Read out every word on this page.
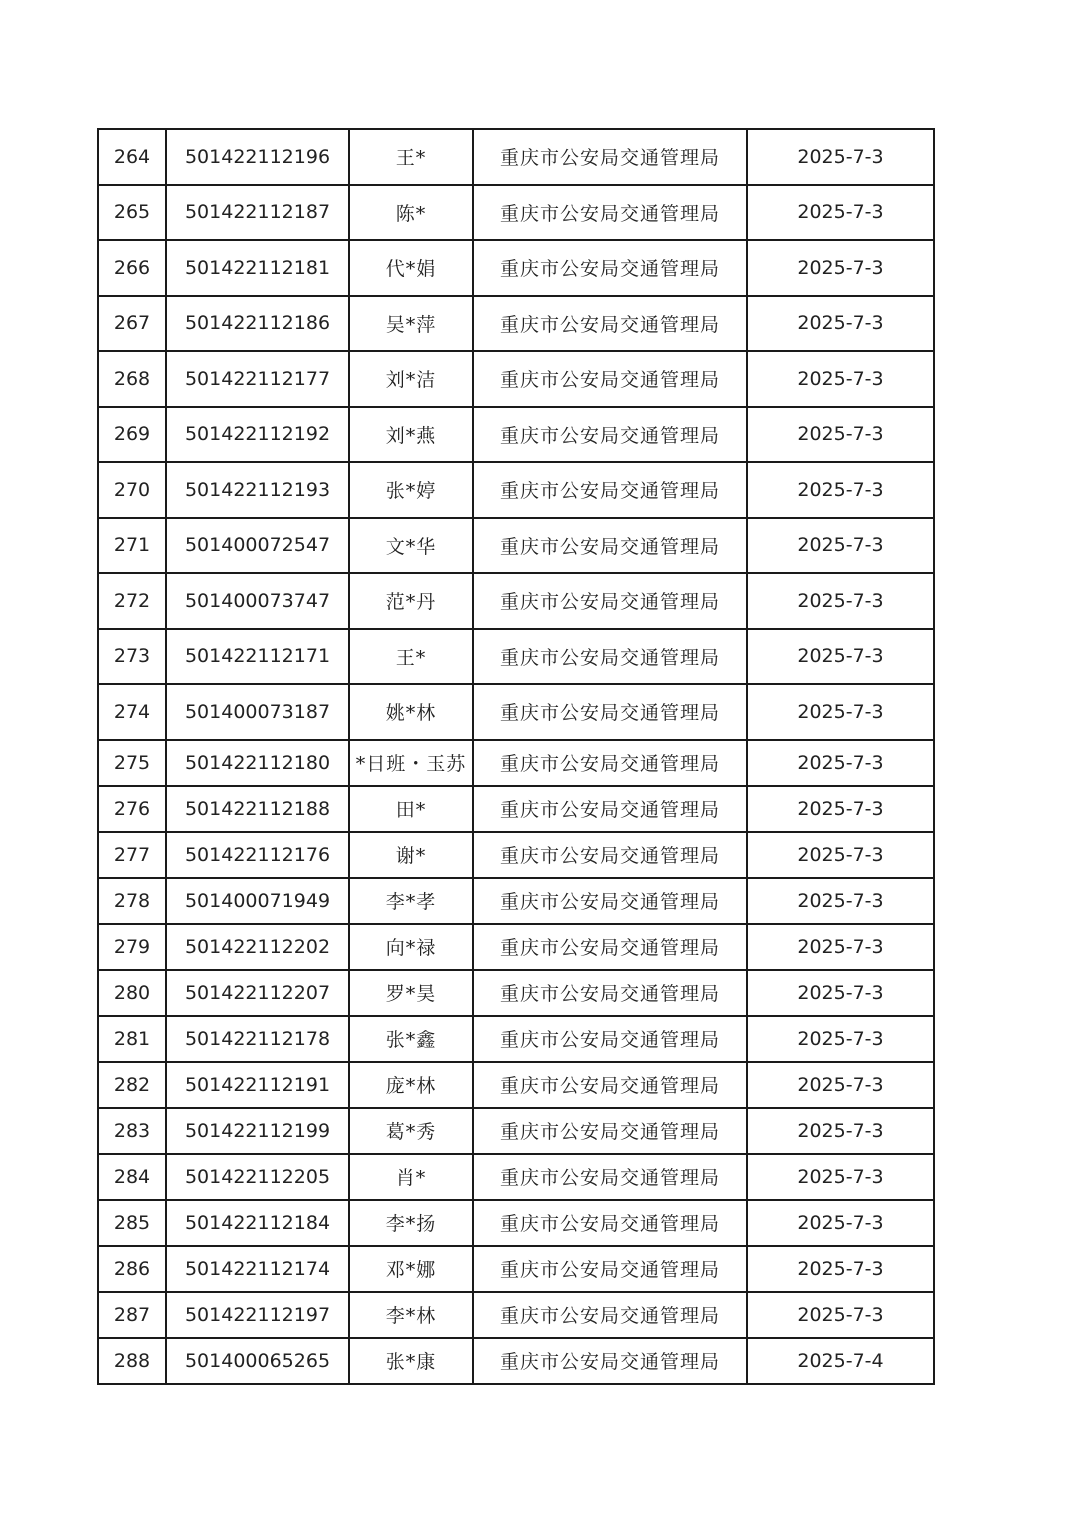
264	501422112196	王*	重庆市公安局交通管理局	2025-7-3
265	501422112187	陈*	重庆市公安局交通管理局	2025-7-3
266	501422112181	代*娟	重庆市公安局交通管理局	2025-7-3
267	501422112186	吴*萍	重庆市公安局交通管理局	2025-7-3
268	501422112177	刘*洁	重庆市公安局交通管理局	2025-7-3
269	501422112192	刘*燕	重庆市公安局交通管理局	2025-7-3
270	501422112193	张*婷	重庆市公安局交通管理局	2025-7-3
271	501400072547	文*华	重庆市公安局交通管理局	2025-7-3
272	501400073747	范*丹	重庆市公安局交通管理局	2025-7-3
273	501422112171	王*	重庆市公安局交通管理局	2025-7-3
274	501400073187	姚*林	重庆市公安局交通管理局	2025-7-3
275	501422112180	*日班・玉苏	重庆市公安局交通管理局	2025-7-3
276	501422112188	田*	重庆市公安局交通管理局	2025-7-3
277	501422112176	谢*	重庆市公安局交通管理局	2025-7-3
278	501400071949	李*孝	重庆市公安局交通管理局	2025-7-3
279	501422112202	向*禄	重庆市公安局交通管理局	2025-7-3
280	501422112207	罗*昊	重庆市公安局交通管理局	2025-7-3
281	501422112178	张*鑫	重庆市公安局交通管理局	2025-7-3
282	501422112191	庞*林	重庆市公安局交通管理局	2025-7-3
283	501422112199	葛*秀	重庆市公安局交通管理局	2025-7-3
284	501422112205	肖*	重庆市公安局交通管理局	2025-7-3
285	501422112184	李*扬	重庆市公安局交通管理局	2025-7-3
286	501422112174	邓*娜	重庆市公安局交通管理局	2025-7-3
287	501422112197	李*林	重庆市公安局交通管理局	2025-7-3
288	501400065265	张*康	重庆市公安局交通管理局	2025-7-4
